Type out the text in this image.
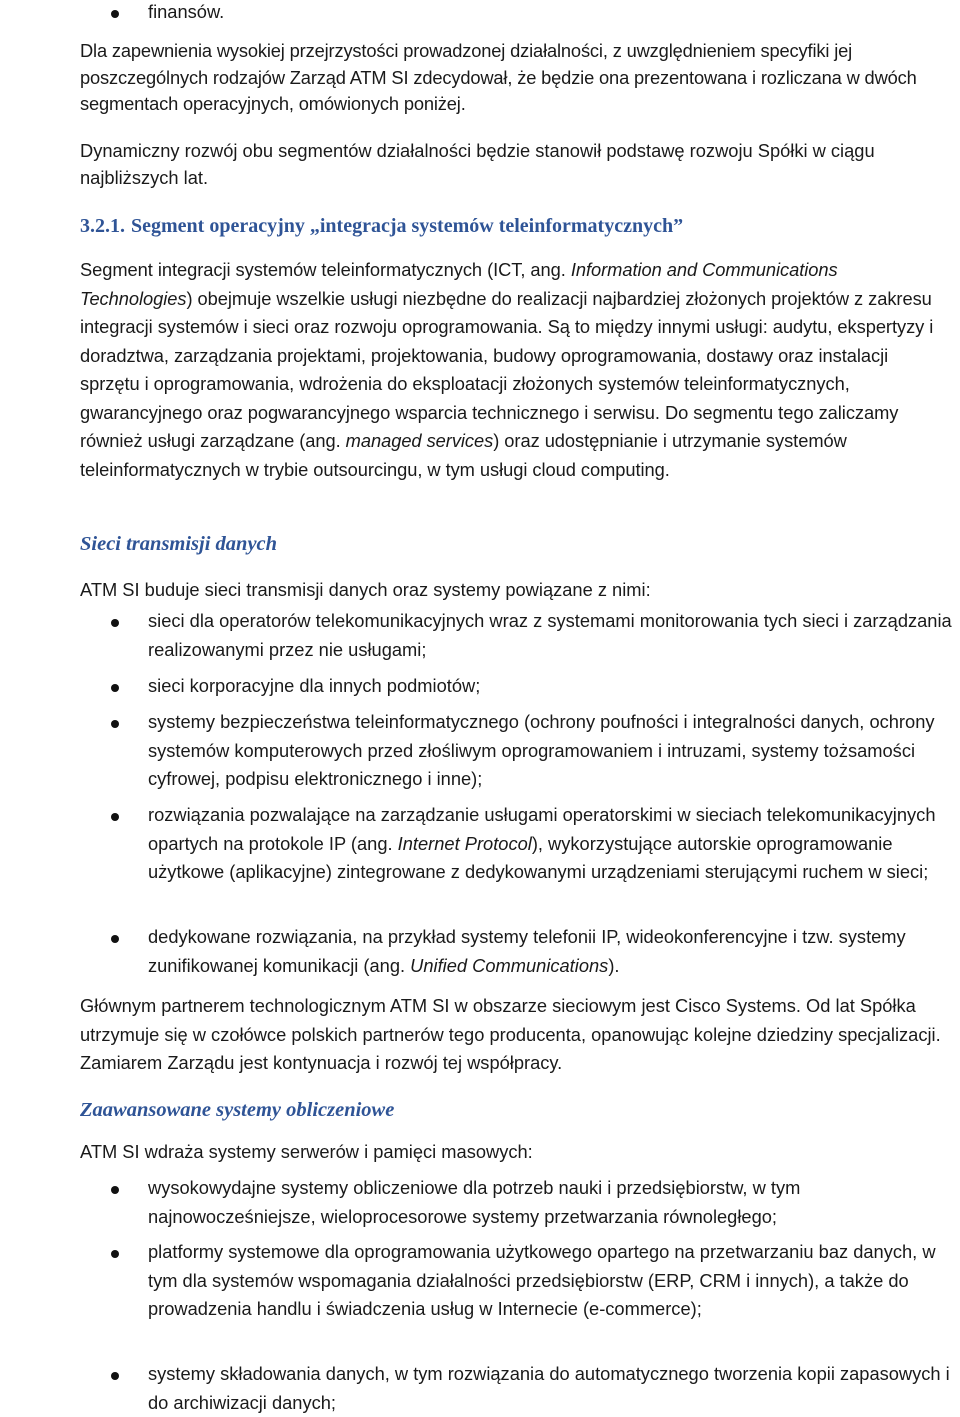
finansów.

Dla zapewnienia wysokiej przejrzystości prowadzonej działalności, z uwzględnieniem specyfiki jej poszczególnych rodzajów Zarząd ATM SI zdecydował, że będzie ona prezentowana i rozliczana w dwóch segmentach operacyjnych, omówionych poniżej.

Dynamiczny rozwój obu segmentów działalności będzie stanowił podstawę rozwoju Spółki w ciągu najbliższych lat.

3.2.1. Segment operacyjny „integracja systemów teleinformatycznych”

Segment integracji systemów teleinformatycznych (ICT, ang. Information and Communications Technologies) obejmuje wszelkie usługi niezbędne do realizacji najbardziej złożonych projektów z zakresu integracji systemów i sieci oraz rozwoju oprogramowania. Są to między innymi usługi: audytu, ekspertyzy i doradztwa, zarządzania projektami, projektowania, budowy oprogramowania, dostawy oraz instalacji sprzętu i oprogramowania, wdrożenia do eksploatacji złożonych systemów teleinformatycznych, gwarancyjnego oraz pogwarancyjnego wsparcia technicznego i serwisu. Do segmentu tego zaliczamy również usługi zarządzane (ang. managed services) oraz udostępnianie i utrzymanie systemów teleinformatycznych w trybie outsourcingu, w tym usługi cloud computing.

Sieci transmisji danych

ATM SI buduje sieci transmisji danych oraz systemy powiązane z nimi:

sieci dla operatorów telekomunikacyjnych wraz z systemami monitorowania tych sieci i zarządzania realizowanymi przez nie usługami;
sieci korporacyjne dla innych podmiotów;
systemy bezpieczeństwa teleinformatycznego (ochrony poufności i integralności danych, ochrony systemów komputerowych przed złośliwym oprogramowaniem i intruzami, systemy tożsamości cyfrowej, podpisu elektronicznego i inne);
rozwiązania pozwalające na zarządzanie usługami operatorskimi w sieciach telekomunikacyjnych opartych na protokole IP (ang. Internet Protocol), wykorzystujące autorskie oprogramowanie użytkowe (aplikacyjne) zintegrowane z dedykowanymi urządzeniami sterującymi ruchem w sieci;
dedykowane rozwiązania, na przykład systemy telefonii IP, wideokonferencyjne i tzw. systemy zunifikowanej komunikacji (ang. Unified Communications).

Głównym partnerem technologicznym ATM SI w obszarze sieciowym jest Cisco Systems. Od lat Spółka utrzymuje się w czołówce polskich partnerów tego producenta, opanowując kolejne dziedziny specjalizacji. Zamiarem Zarządu jest kontynuacja i rozwój tej współpracy.

Zaawansowane systemy obliczeniowe

ATM SI wdraża systemy serwerów i pamięci masowych:

wysokowydajne systemy obliczeniowe dla potrzeb nauki i przedsiębiorstw, w tym najnowocześniejsze, wieloprocesorowe systemy przetwarzania równoległego;
platformy systemowe dla oprogramowania użytkowego opartego na przetwarzaniu baz danych, w tym dla systemów wspomagania działalności przedsiębiorstw (ERP, CRM i innych), a także do prowadzenia handlu i świadczenia usług w Internecie (e-commerce);
systemy składowania danych, w tym rozwiązania do automatycznego tworzenia kopii zapasowych i do archiwizacji danych;
